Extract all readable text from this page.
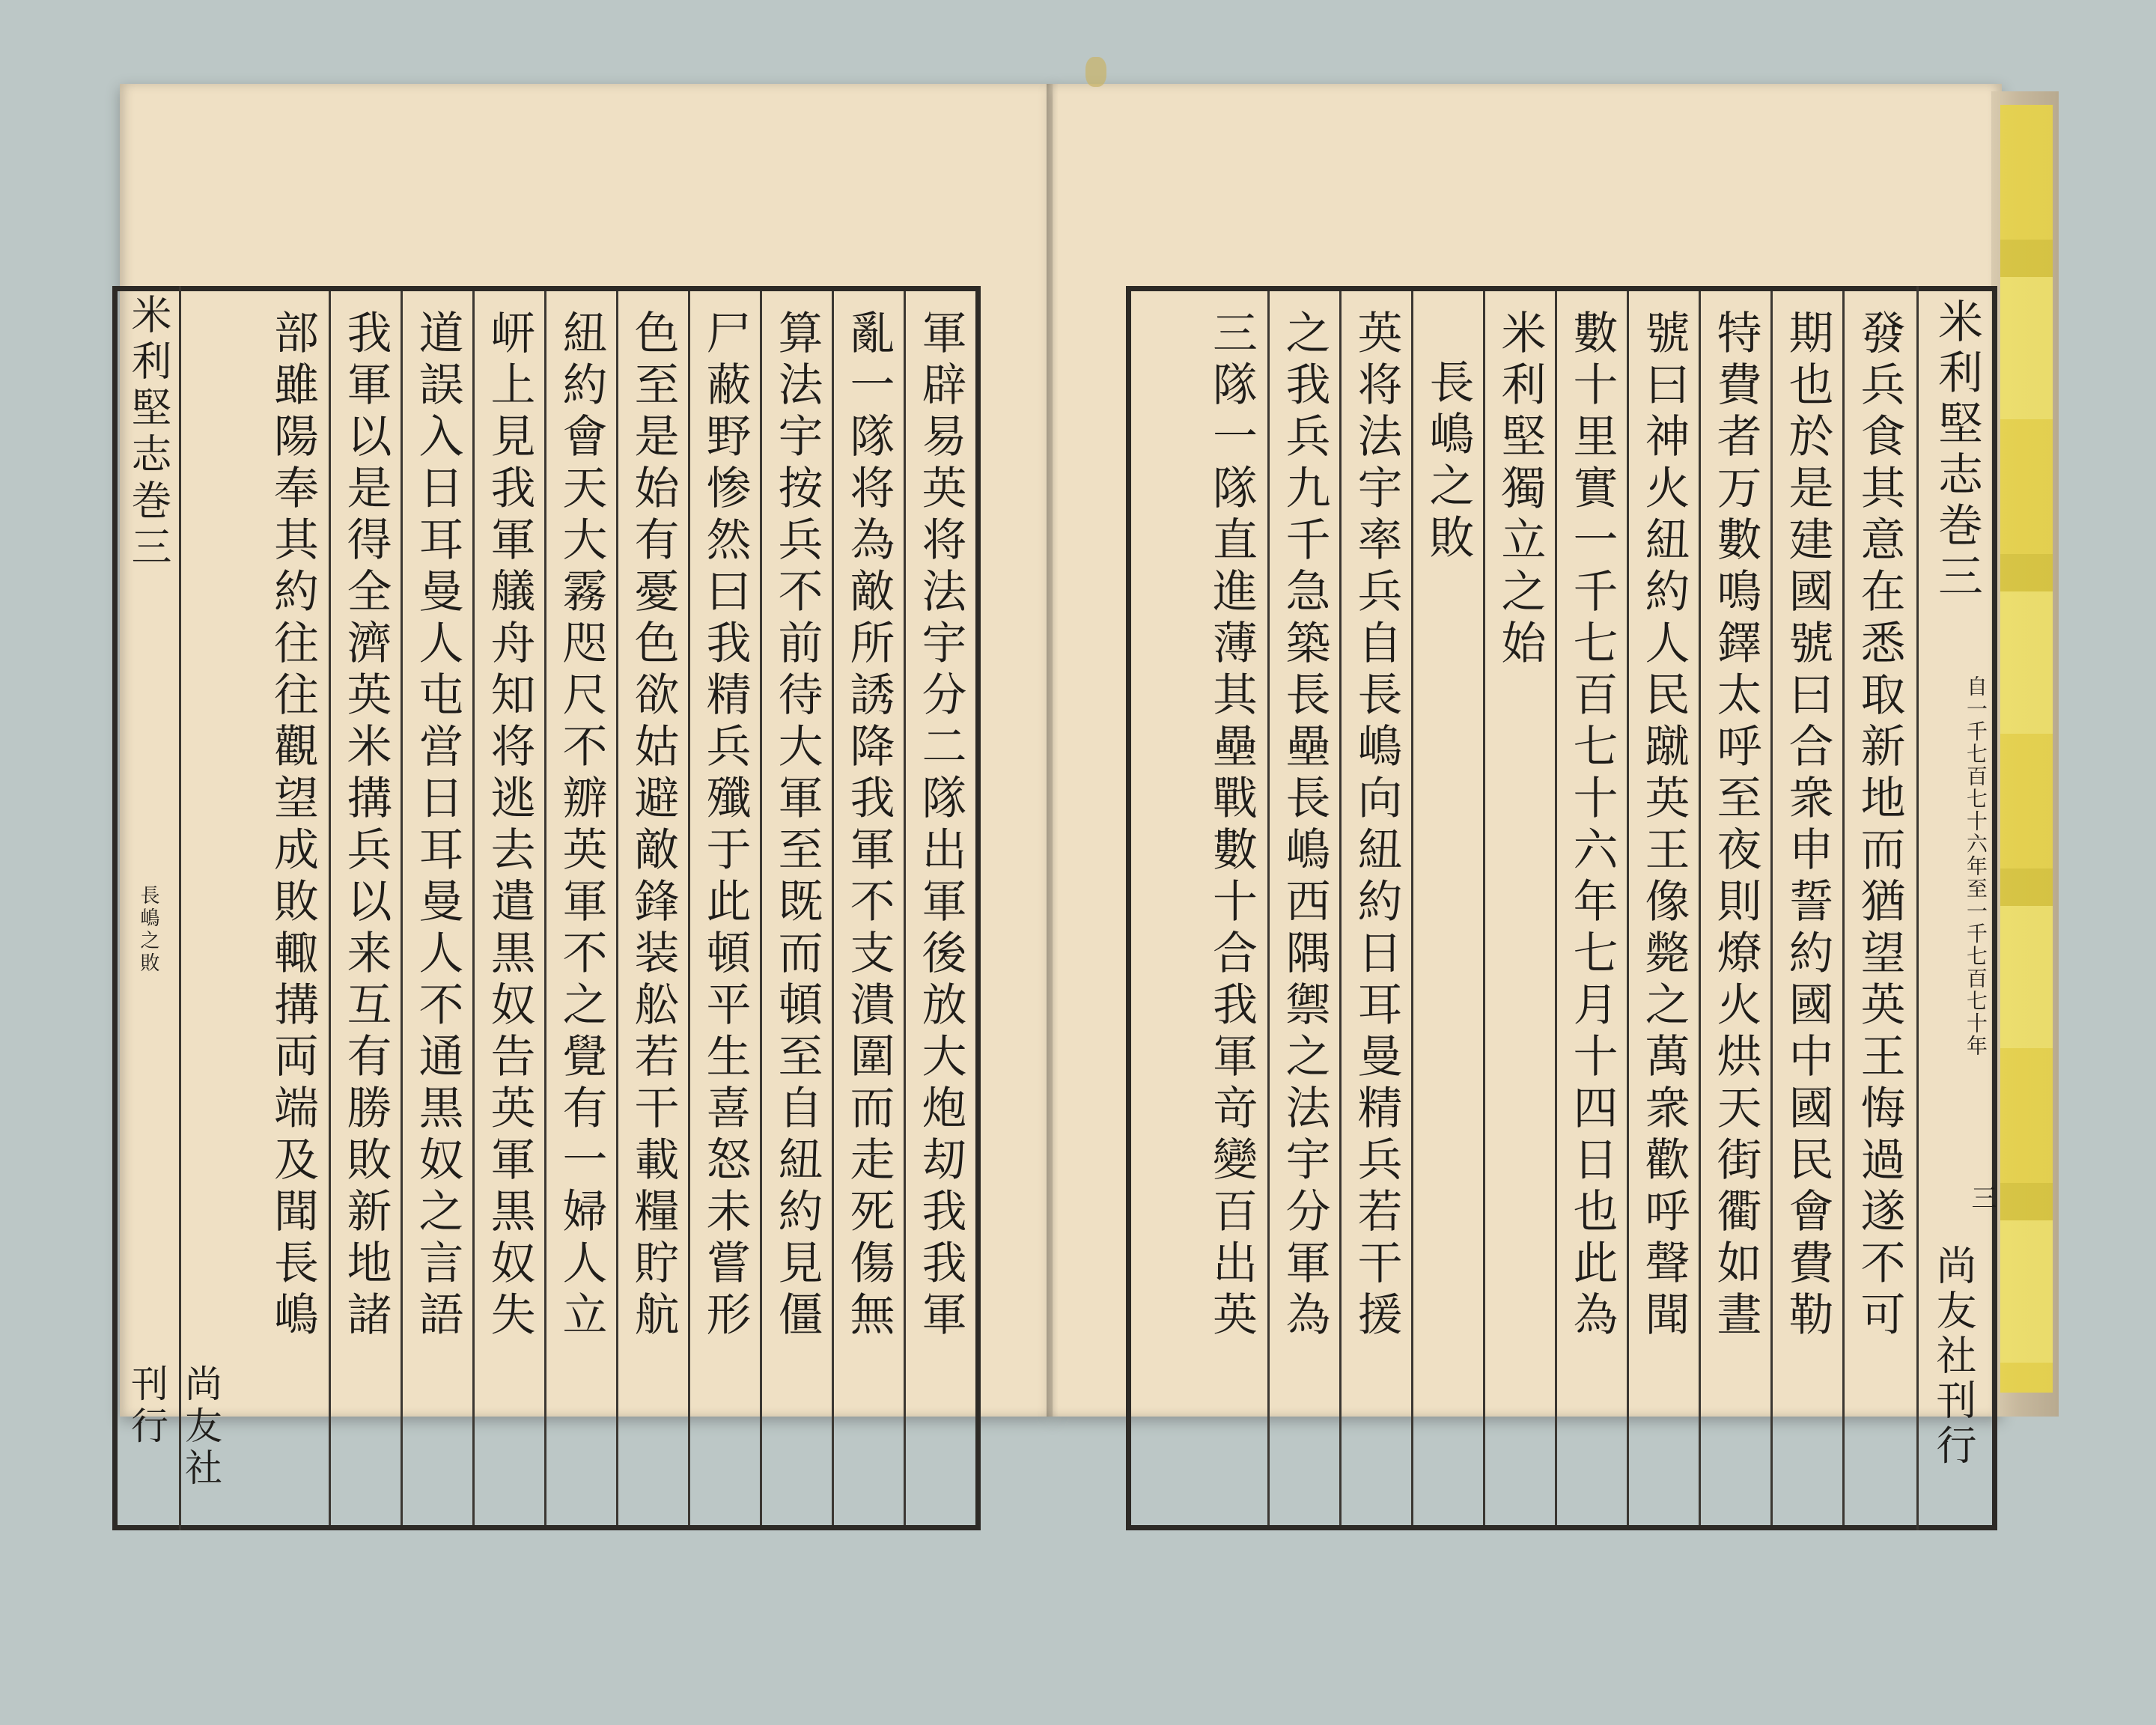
軍辟易英将法宇分二隊出軍後放大炮刧我我軍
亂一隊将為敵所誘降我軍不支潰圍而走死傷無
算法宇按兵不前待大軍至既而頓至自紐約見僵
尸蔽野惨然曰我精兵殲于此頓平生喜怒未嘗形
色至是始有憂色欲姑避敵鋒装舩若干載糧貯航
紐約會天大霧咫尺不辧英軍不之覺有一婦人立
岍上見我軍艤舟知将逃去遣黒奴告英軍黒奴失
道誤入日耳曼人屯営日耳曼人不通黒奴之言語
我軍以是得全濟英米搆兵以来互有勝敗新地諸
部雖陽奉其約往往觀望成敗輙搆両端及聞長嶋
米利堅志巻三
長嶋之敗
尚友社刊行
發兵食其意在悉取新地而猶望英王悔過遂不可
期也於是建國號曰合衆申誓約國中國民會費勒
特費者万數鳴鐸太呼至夜則燎火烘天街衢如晝
號曰神火紐約人民蹴英王像斃之萬衆歡呼聲聞
數十里實一千七百七十六年七月十四日也此為
米利堅獨立之始
長嶋之敗
英将法宇率兵自長嶋向紐約日耳曼精兵若干援
之我兵九千急築長壘長嶋西隅禦之法宇分軍為
三隊一隊直進薄其壘戰數十合我軍竒變百出英	米利堅志巻三
自一千七百七十六年至一千七百七十年
三
尚友社刊行
